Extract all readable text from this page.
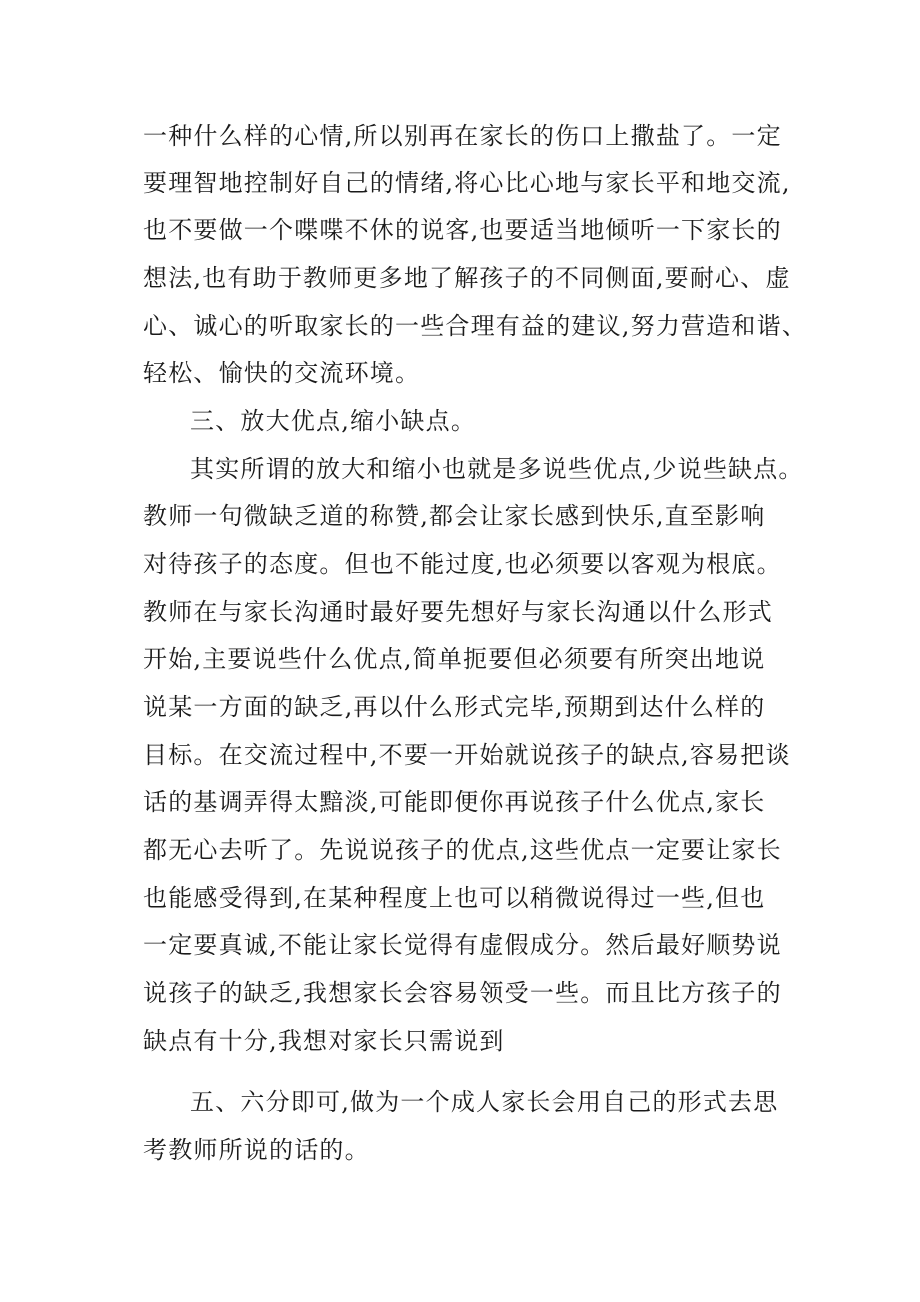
一种什么样的心情,所以别再在家长的伤口上撒盐了。一定
要理智地控制好自己的情绪,将心比心地与家长平和地交流,
也不要做一个喋喋不休的说客,也要适当地倾听一下家长的
想法,也有助于教师更多地了解孩子的不同侧面,要耐心、虚
心、诚心的听取家长的一些合理有益的建议,努力营造和谐、
轻松、愉快的交流环境。
三、放大优点,缩小缺点。
其实所谓的放大和缩小也就是多说些优点,少说些缺点。
教师一句微缺乏道的称赞,都会让家长感到快乐,直至影响
对待孩子的态度。但也不能过度,也必须要以客观为根底。
教师在与家长沟通时最好要先想好与家长沟通以什么形式
开始,主要说些什么优点,简单扼要但必须要有所突出地说
说某一方面的缺乏,再以什么形式完毕,预期到达什么样的
目标。在交流过程中,不要一开始就说孩子的缺点,容易把谈
话的基调弄得太黯淡,可能即便你再说孩子什么优点,家长
都无心去听了。先说说孩子的优点,这些优点一定要让家长
也能感受得到,在某种程度上也可以稍微说得过一些,但也
一定要真诚,不能让家长觉得有虚假成分。然后最好顺势说
说孩子的缺乏,我想家长会容易领受一些。而且比方孩子的
缺点有十分,我想对家长只需说到
五、六分即可,做为一个成人家长会用自己的形式去思
考教师所说的话的。
